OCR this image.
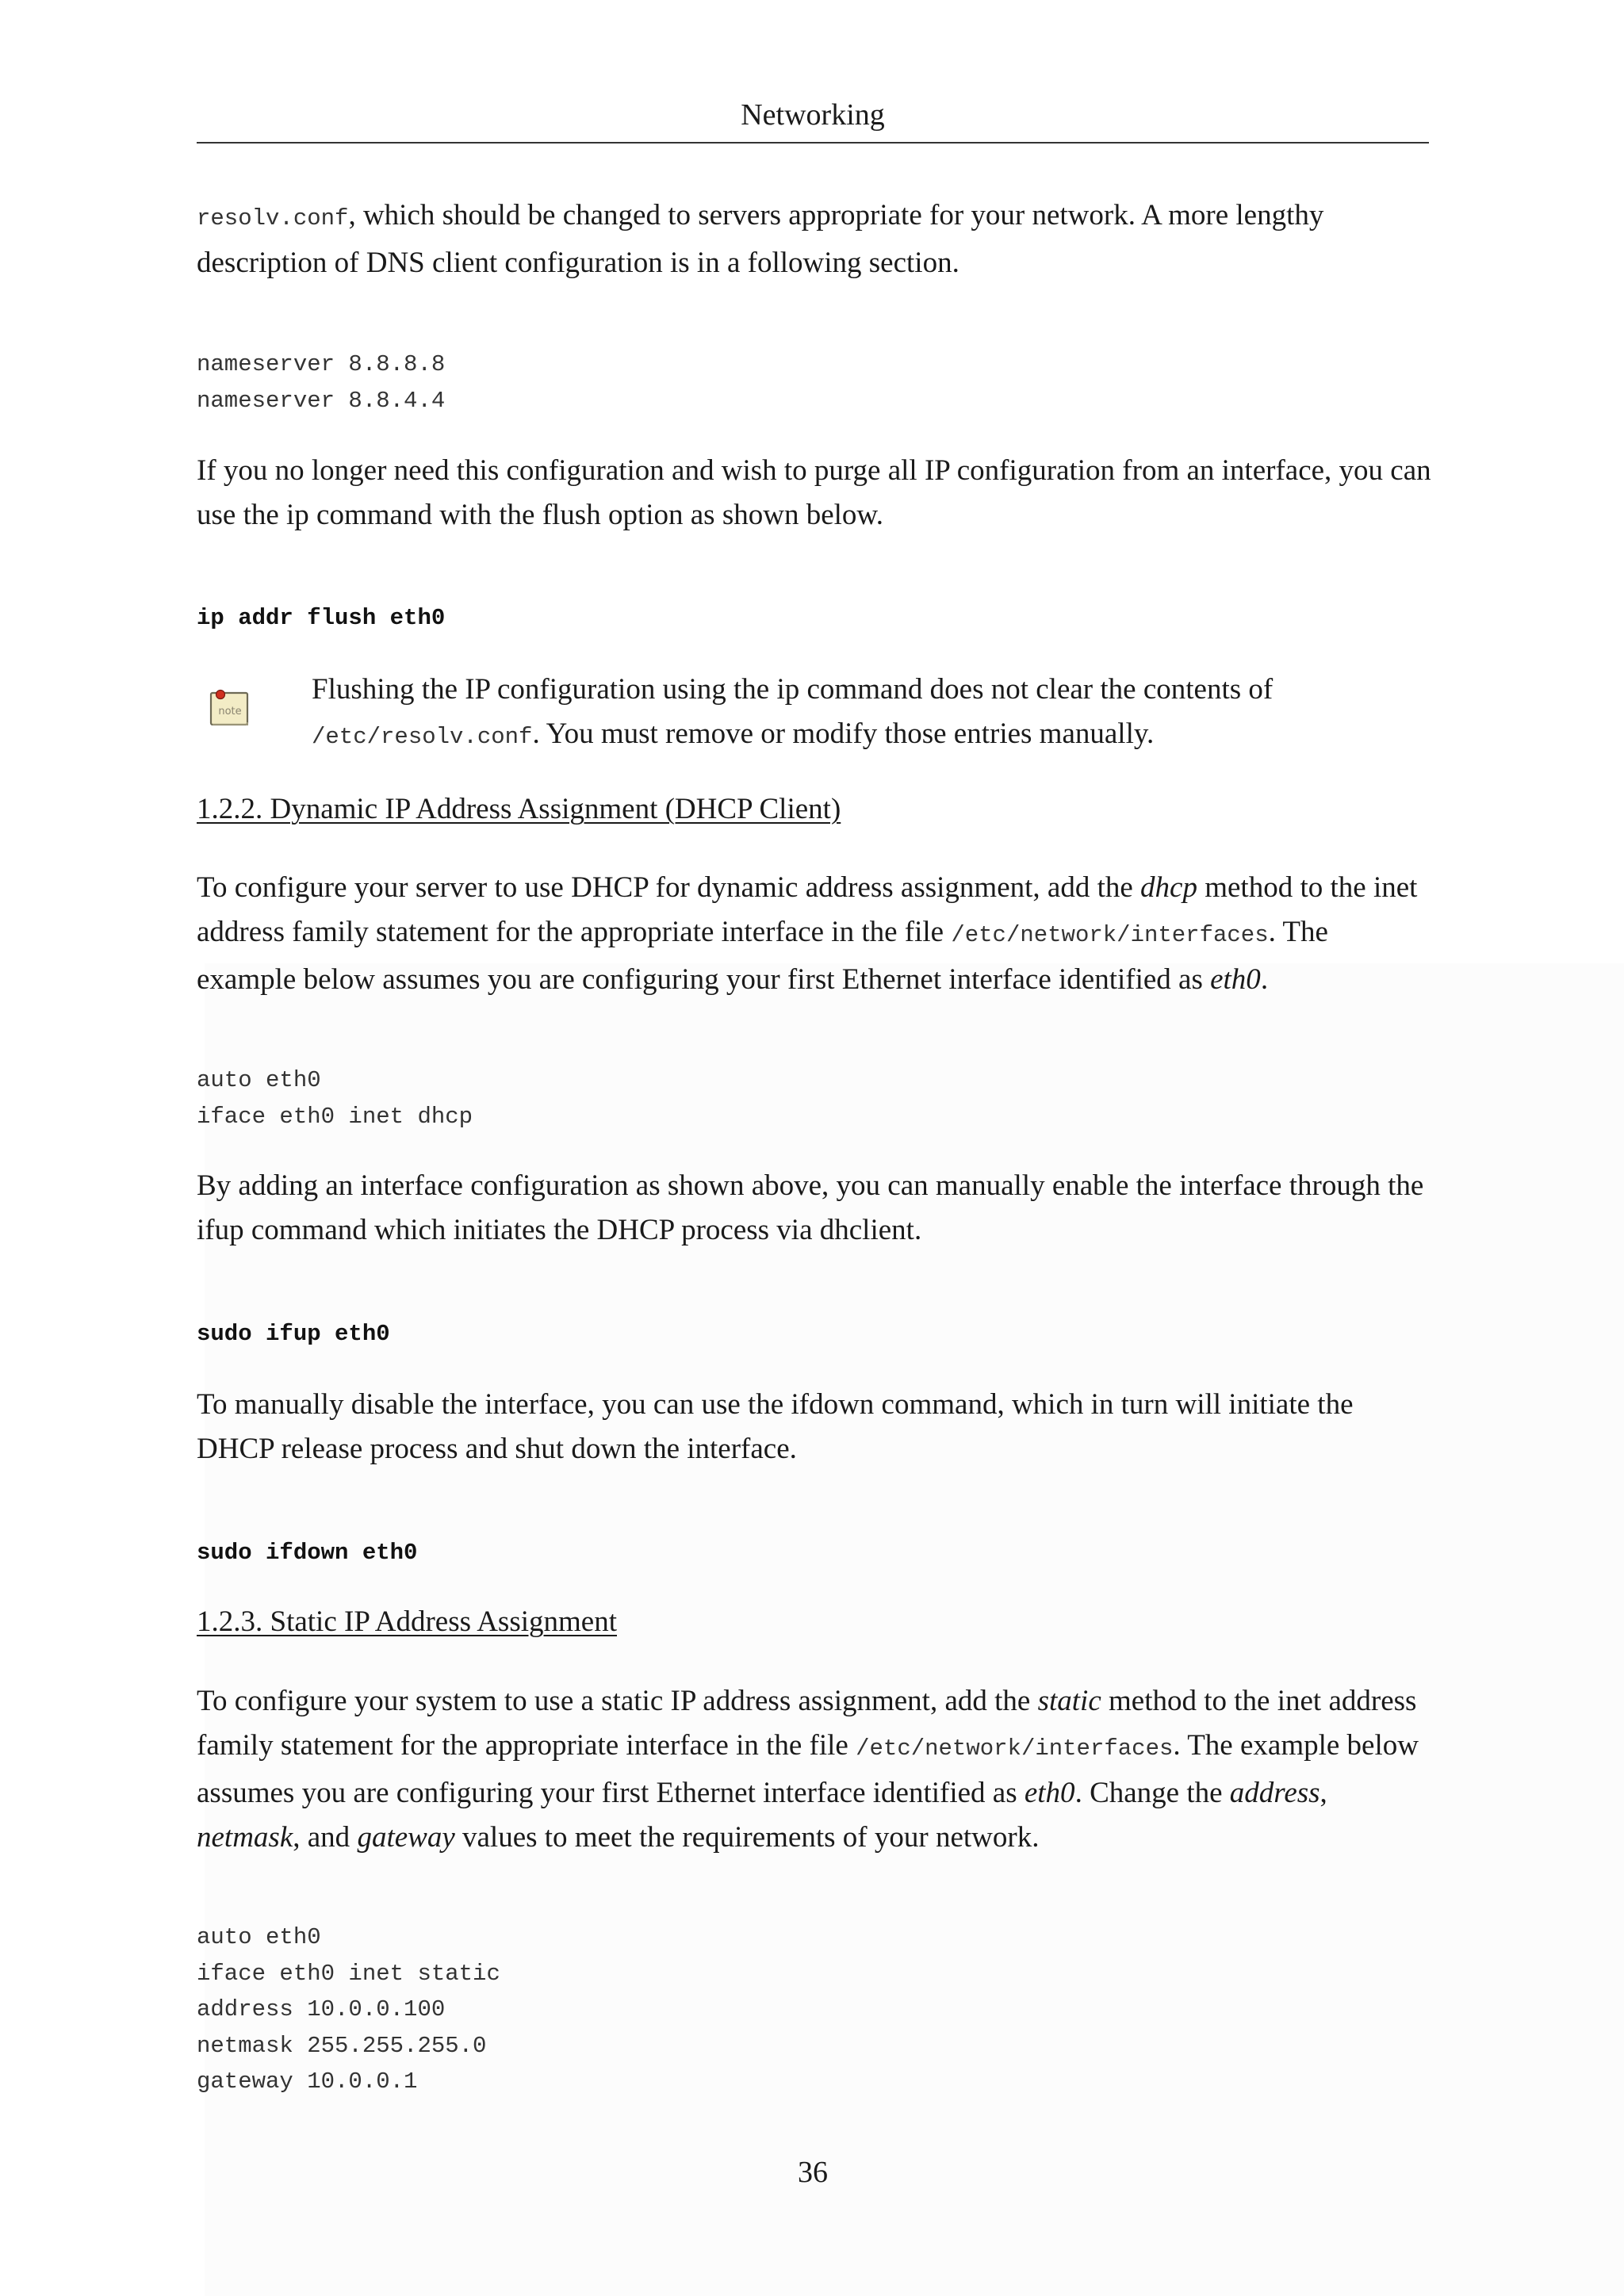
Networking

resolv.conf, which should be changed to servers appropriate for your network. A more lengthy description of DNS client configuration is in a following section.

nameserver 8.8.8.8
nameserver 8.8.4.4

If you no longer need this configuration and wish to purge all IP configuration from an interface, you can use the ip command with the flush option as shown below.

ip addr flush eth0
note

Flushing the IP configuration using the ip command does not clear the contents of /etc/resolv.conf. You must remove or modify those entries manually.

1.2.2. Dynamic IP Address Assignment (DHCP Client)

To configure your server to use DHCP for dynamic address assignment, add the dhcp method to the inet address family statement for the appropriate interface in the file /etc/network/interfaces. The example below assumes you are configuring your first Ethernet interface identified as eth0.

auto eth0
iface eth0 inet dhcp

By adding an interface configuration as shown above, you can manually enable the interface through the ifup command which initiates the DHCP process via dhclient.

sudo ifup eth0

To manually disable the interface, you can use the ifdown command, which in turn will initiate the DHCP release process and shut down the interface.

sudo ifdown eth0
1.2.3. Static IP Address Assignment

To configure your system to use a static IP address assignment, add the static method to the inet address family statement for the appropriate interface in the file /etc/network/interfaces. The example below assumes you are configuring your first Ethernet interface identified as eth0. Change the address, netmask, and gateway values to meet the requirements of your network.

auto eth0
iface eth0 inet static
address 10.0.0.100
netmask 255.255.255.0
gateway 10.0.0.1
36
